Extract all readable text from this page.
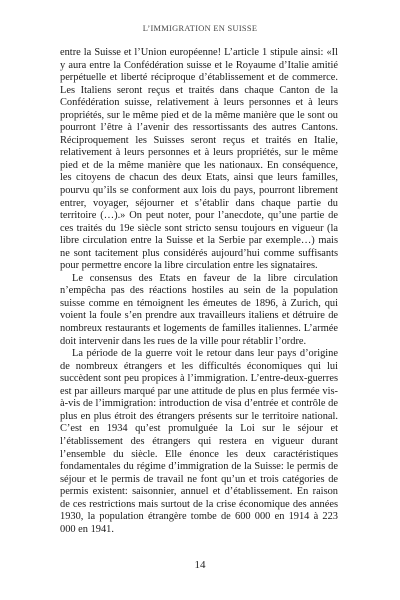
L’IMMIGRATION EN SUISSE

entre la Suisse et l’Union européenne! L’article 1 stipule ainsi: «Il y aura entre la Confédération suisse et le Royaume d’Italie amitié perpétuelle et liberté réciproque d’établissement et de commerce. Les Italiens seront reçus et traités dans chaque Canton de la Confédération suisse, relativement à leurs personnes et à leurs propriétés, sur le même pied et de la même manière que le sont ou pourront l’être à l’avenir des ressortissants des autres Cantons. Réciproquement les Suisses seront reçus et traités en Italie, relativement à leurs personnes et à leurs propriétés, sur le même pied et de la même manière que les nationaux. En conséquence, les citoyens de chacun des deux Etats, ainsi que leurs familles, pourvu qu’ils se conforment aux lois du pays, pourront librement entrer, voyager, séjourner et s’établir dans chaque partie du territoire (…).» On peut noter, pour l’anecdote, qu’une partie de ces traités du 19e siècle sont stricto sensu toujours en vigueur (la libre circulation entre la Suisse et la Serbie par exemple…) mais ne sont tacitement plus considérés aujourd’hui comme suffisants pour permettre encore la libre circulation entre les signataires.

Le consensus des Etats en faveur de la libre circulation n’empêcha pas des réactions hostiles au sein de la population suisse comme en témoignent les émeutes de 1896, à Zurich, qui voient la foule s’en prendre aux travailleurs italiens et détruire de nombreux restaurants et logements de familles italiennes. L’armée doit intervenir dans les rues de la ville pour rétablir l’ordre.

La période de la guerre voit le retour dans leur pays d’origine de nombreux étrangers et les difficultés économiques qui lui succèdent sont peu propices à l’immigration. L’entre-deux-guerres est par ailleurs marqué par une attitude de plus en plus fermée vis-à-vis de l’immigration: introduction de visa d’entrée et contrôle de plus en plus étroit des étrangers présents sur le territoire national. C’est en 1934 qu’est promulguée la Loi sur le séjour et l’établissement des étrangers qui restera en vigueur durant l’ensemble du siècle. Elle énonce les deux caractéristiques fondamentales du régime d’immigration de la Suisse: le permis de séjour et le permis de travail ne font qu’un et trois catégories de permis existent: saisonnier, annuel et d’établissement. En raison de ces restrictions mais surtout de la crise économique des années 1930, la population étrangère tombe de 600 000 en 1914 à 223 000 en 1941.

14
